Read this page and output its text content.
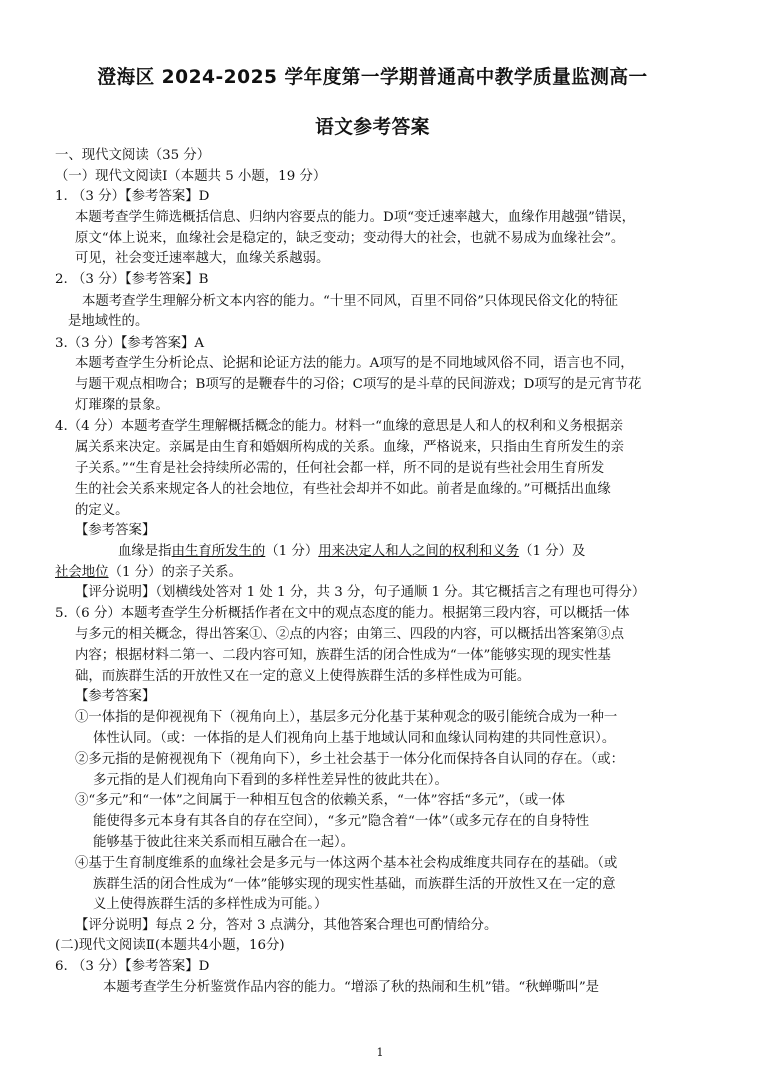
澄海区 2024-2025 学年度第一学期普通高中教学质量监测高一
语文参考答案
一、现代文阅读（35 分）
（一）现代文阅读Ⅰ（本题共 5 小题，19 分）
1. （3 分）【参考答案】D
本题考查学生筛选概括信息、归纳内容要点的能力。D项“变迁速率越大，血缘作用越强”错误，
原文“体上说来，血缘社会是稳定的，缺乏变动；变动得大的社会，也就不易成为血缘社会”。
可见，社会变迁速率越大，血缘关系越弱。
2. （3 分）【参考答案】B
本题考查学生理解分析文本内容的能力。“十里不同风，百里不同俗”只体现民俗文化的特征
是地域性的。
3.（3 分）【参考答案】A
本题考查学生分析论点、论据和论证方法的能力。A项写的是不同地域风俗不同，语言也不同，
与题干观点相吻合；B项写的是鞭春牛的习俗；C项写的是斗草的民间游戏；D项写的是元宵节花
灯璀璨的景象。
4.（4 分）本题考查学生理解概括概念的能力。材料一“血缘的意思是人和人的权利和义务根据亲
属关系来决定。亲属是由生育和婚姻所构成的关系。血缘，严格说来，只指由生育所发生的亲
子关系。”“生育是社会持续所必需的，任何社会都一样，所不同的是说有些社会用生育所发
生的社会关系来规定各人的社会地位，有些社会却并不如此。前者是血缘的。”可概括出血缘
的定义。
【参考答案】
血缘是指由生育所发生的（1 分）用来决定人和人之间的权利和义务（1 分）及
社会地位（1 分）的亲子关系。
【评分说明】（划横线处答对 1 处 1 分，共 3 分，句子通顺 1 分。其它概括言之有理也可得分）
5.（6 分）本题考查学生分析概括作者在文中的观点态度的能力。根据第三段内容，可以概括一体
与多元的相关概念，得出答案①、②点的内容；由第三、四段的内容，可以概括出答案第③点
内容；根据材料二第一、二段内容可知，族群生活的闭合性成为“一体”能够实现的现实性基
础，而族群生活的开放性又在一定的意义上使得族群生活的多样性成为可能。
【参考答案】
①一体指的是仰视视角下（视角向上），基层多元分化基于某种观念的吸引能统合成为一种一
体性认同。（或：一体指的是人们视角向上基于地域认同和血缘认同构建的共同性意识）。
②多元指的是俯视视角下（视角向下），乡土社会基于一体分化而保持各自认同的存在。（或：
多元指的是人们视角向下看到的多样性差异性的彼此共在）。
③“多元”和“一体”之间属于一种相互包含的依赖关系，“一体”容括“多元”，（或一体
能使得多元本身有其各自的存在空间），“多元”隐含着“一体”（或多元存在的自身特性
能够基于彼此往来关系而相互融合在一起）。
④基于生育制度维系的血缘社会是多元与一体这两个基本社会构成维度共同存在的基础。（或
族群生活的闭合性成为“一体”能够实现的现实性基础，而族群生活的开放性又在一定的意
义上使得族群生活的多样性成为可能。）
【评分说明】每点 2 分，答对 3 点满分，其他答案合理也可酌情给分。
(二)现代文阅读Ⅱ(本题共4小题，16分)
6. （3 分）【参考答案】D
本题考查学生分析鉴赏作品内容的能力。“增添了秋的热闹和生机”错。“秋蝉嘶叫”是
1
